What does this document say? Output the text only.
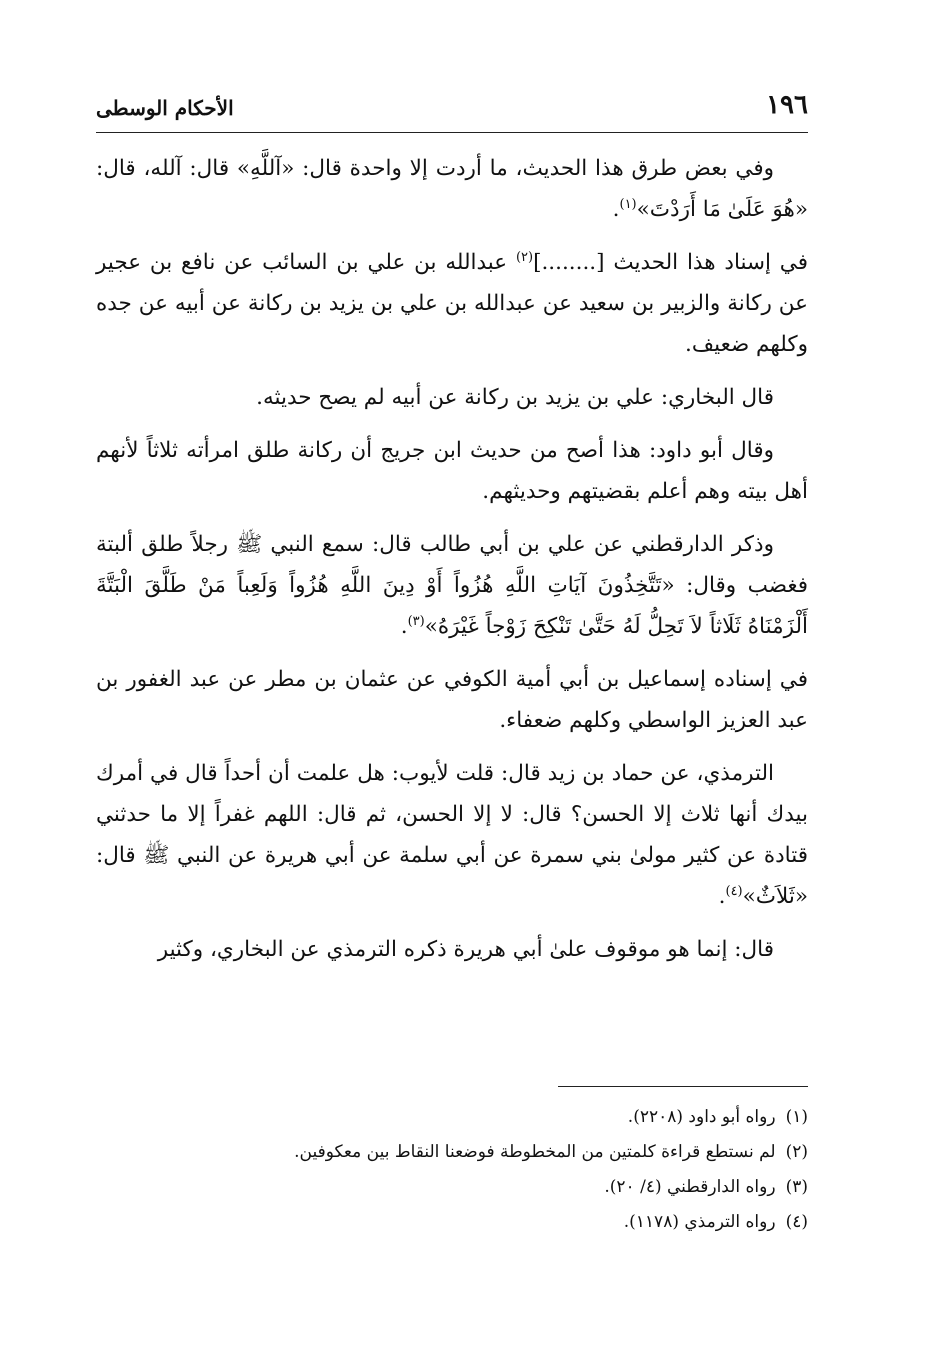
١٩٦
الأحكام الوسطى

وفي بعض طرق هذا الحديث، ما أردت إلا واحدة قال: «آللَّهِ» قال: آلله، قال: «هُوَ عَلَىٰ مَا أَرَدْتَ»$^{(١)}$.

في إسناد هذا الحديث [........]$^{(٢)}$ عبدالله بن علي بن السائب عن نافع بن عجير عن ركانة والزبير بن سعيد عن عبدالله بن علي بن يزيد بن ركانة عن أبيه عن جده وكلهم ضعيف.

قال البخاري: علي بن يزيد بن ركانة عن أبيه لم يصح حديثه.

وقال أبو داود: هذا أصح من حديث ابن جريج أن ركانة طلق امرأته ثلاثاً لأنهم أهل بيته وهم أعلم بقضيتهم وحديثهم.

وذكر الدارقطني عن علي بن أبي طالب قال: سمع النبي ﷺ رجلاً طلق ألبتة فغضب وقال: «تَتَّخِذُونَ آيَاتِ اللَّهِ هُزُواً أَوْ دِينَ اللَّهِ هُزُواً وَلَعِباً مَنْ طَلَّقَ الْبَتَّةَ أَلْزَمْنَاهُ ثَلَاثاً لاَ تَحِلُّ لَهُ حَتَّىٰ تَنْكِحَ زَوْجاً غَيْرَهُ»$^{(٣)}$.

في إسناده إسماعيل بن أبي أمية الكوفي عن عثمان بن مطر عن عبد الغفور بن عبد العزيز الواسطي وكلهم ضعفاء.

الترمذي، عن حماد بن زيد قال: قلت لأيوب: هل علمت أن أحداً قال في أمرك بيدك أنها ثلاث إلا الحسن؟ قال: لا إلا الحسن، ثم قال: اللهم غفراً إلا ما حدثني قتادة عن كثير مولىٰ بني سمرة عن أبي سلمة عن أبي هريرة عن النبي ﷺ قال: «ثَلاَثٌ»$^{(٤)}$.

قال: إنما هو موقوف علىٰ أبي هريرة ذكره الترمذي عن البخاري، وكثير

(١)رواه أبو داود (٢٢٠٨).

(٢)لم نستطع قراءة كلمتين من المخطوطة فوضعنا النقاط بين معكوفين.

(٣)رواه الدارقطني (٤/ ٢٠).

(٤)رواه الترمذي (١١٧٨).
